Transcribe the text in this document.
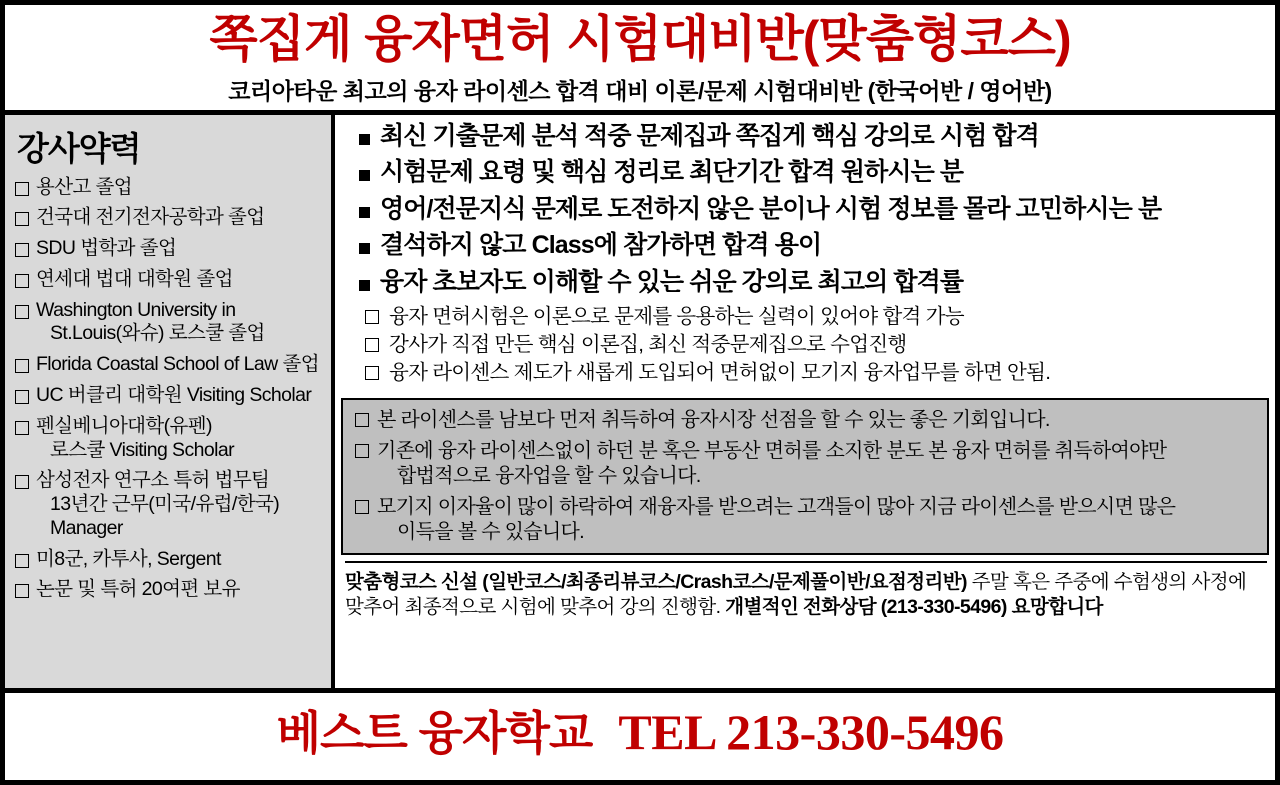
쪽집게 융자면허 시험대비반(맞춤형코스)
코리아타운 최고의 융자 라이센스 합격 대비 이론/문제 시험대비반 (한국어반 / 영어반)
강사약력
용산고 졸업
건국대 전기전자공학과 졸업
SDU 법학과 졸업
연세대 법대 대학원 졸업
Washington University in
St.Louis(와슈) 로스쿨 졸업
Florida Coastal School of Law 졸업
UC 버클리 대학원 Visiting Scholar
펜실베니아대학(유펜)
로스쿨 Visiting Scholar
삼성전자 연구소 특허 법무팀
13년간 근무(미국/유럽/한국)
Manager
미8군, 카투사, Sergent
논문 및 특허 20여편 보유
최신 기출문제 분석 적중 문제집과 쪽집게 핵심 강의로 시험 합격
시험문제 요령 및 핵심 정리로 최단기간 합격 원하시는 분
영어/전문지식 문제로 도전하지 않은 분이나 시험 정보를 몰라 고민하시는 분
결석하지 않고 Class에 참가하면 합격 용이
융자 초보자도 이해할 수 있는 쉬운 강의로 최고의 합격률
융자 면허시험은 이론으로 문제를 응용하는 실력이 있어야 합격 가능
강사가 직접 만든 핵심 이론집, 최신 적중문제집으로 수업진행
융자 라이센스 제도가 새롭게 도입되어 면허없이 모기지 융자업무를 하면 안됨.
본 라이센스를 남보다 먼저 취득하여 융자시장 선점을 할 수 있는 좋은 기회입니다.
기존에 융자 라이센스없이 하던 분 혹은 부동산 면허를 소지한 분도 본 융자 면허를 취득하여야만
합법적으로 융자업을 할 수 있습니다.
모기지 이자율이 많이 하락하여 재융자를 받으려는 고객들이 많아 지금 라이센스를 받으시면 많은
이득을 볼 수 있습니다.
맞춤형코스 신설 (일반코스/최종리뷰코스/Crash코스/문제풀이반/요점정리반) 주말 혹은 주중에 수험생의 사정에 맞추어 최종적으로 시험에 맞추어 강의 진행함. 개별적인 전화상담 (213-330-5496) 요망합니다
베스트 융자학교 TEL 213-330-5496
